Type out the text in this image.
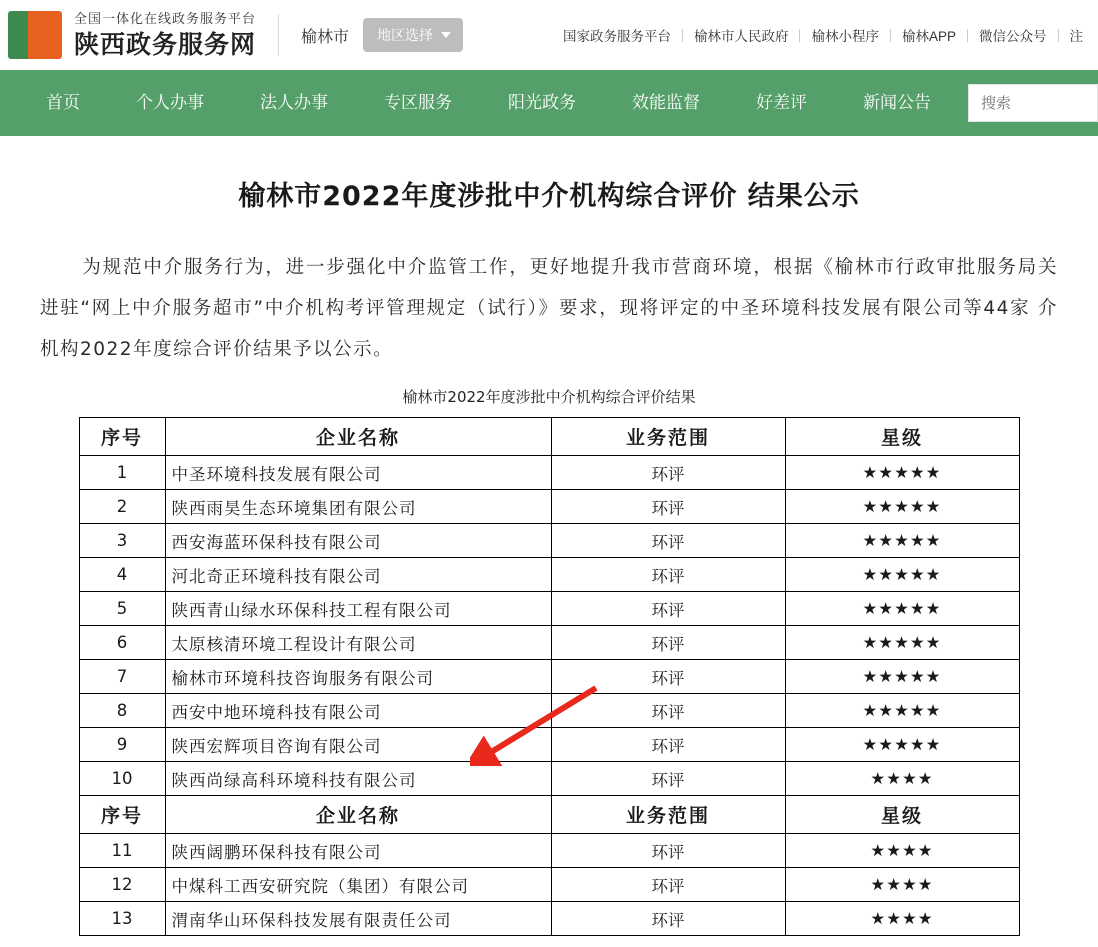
全国一体化在线政务服务平台
陕西政务服务网	榆林市 地区选择	国家政务服务平台	榆林市人民政府	榆林小程序	榆林APP	微信公众号	注
首页	个人办事	法人办事	专区服务	阳光政务	效能监督	好差评	新闻公告
搜索
榆林市2022年度涉批中介机构综合评价 结果公示
为规范中介服务行为，进一步强化中介监管工作，更好地提升我市营商环境，根据《榆林市行政审批服务局关 进驻“网上中介服务超市”中介机构考评管理规定（试行）》要求，现将评定的中圣环境科技发展有限公司等44家 介机构2022年度综合评价结果予以公示。
榆林市2022年度涉批中介机构综合评价结果
序号	企业名称	业务范围	星级
1	中圣环境科技发展有限公司	环评	★★★★★
2	陕西雨昊生态环境集团有限公司	环评	★★★★★
3	西安海蓝环保科技有限公司	环评	★★★★★
4	河北奇正环境科技有限公司	环评	★★★★★
5	陕西青山绿水环保科技工程有限公司	环评	★★★★★
6	太原核清环境工程设计有限公司	环评	★★★★★
7	榆林市环境科技咨询服务有限公司	环评	★★★★★
8	西安中地环境科技有限公司	环评	★★★★★
9	陕西宏辉项目咨询有限公司	环评	★★★★★
10	陕西尚绿高科环境科技有限公司	环评	★★★★
序号	企业名称	业务范围	星级
11	陕西阔鹏环保科技有限公司	环评	★★★★
12	中煤科工西安研究院（集团）有限公司	环评	★★★★
13	渭南华山环保科技发展有限责任公司	环评	★★★★
